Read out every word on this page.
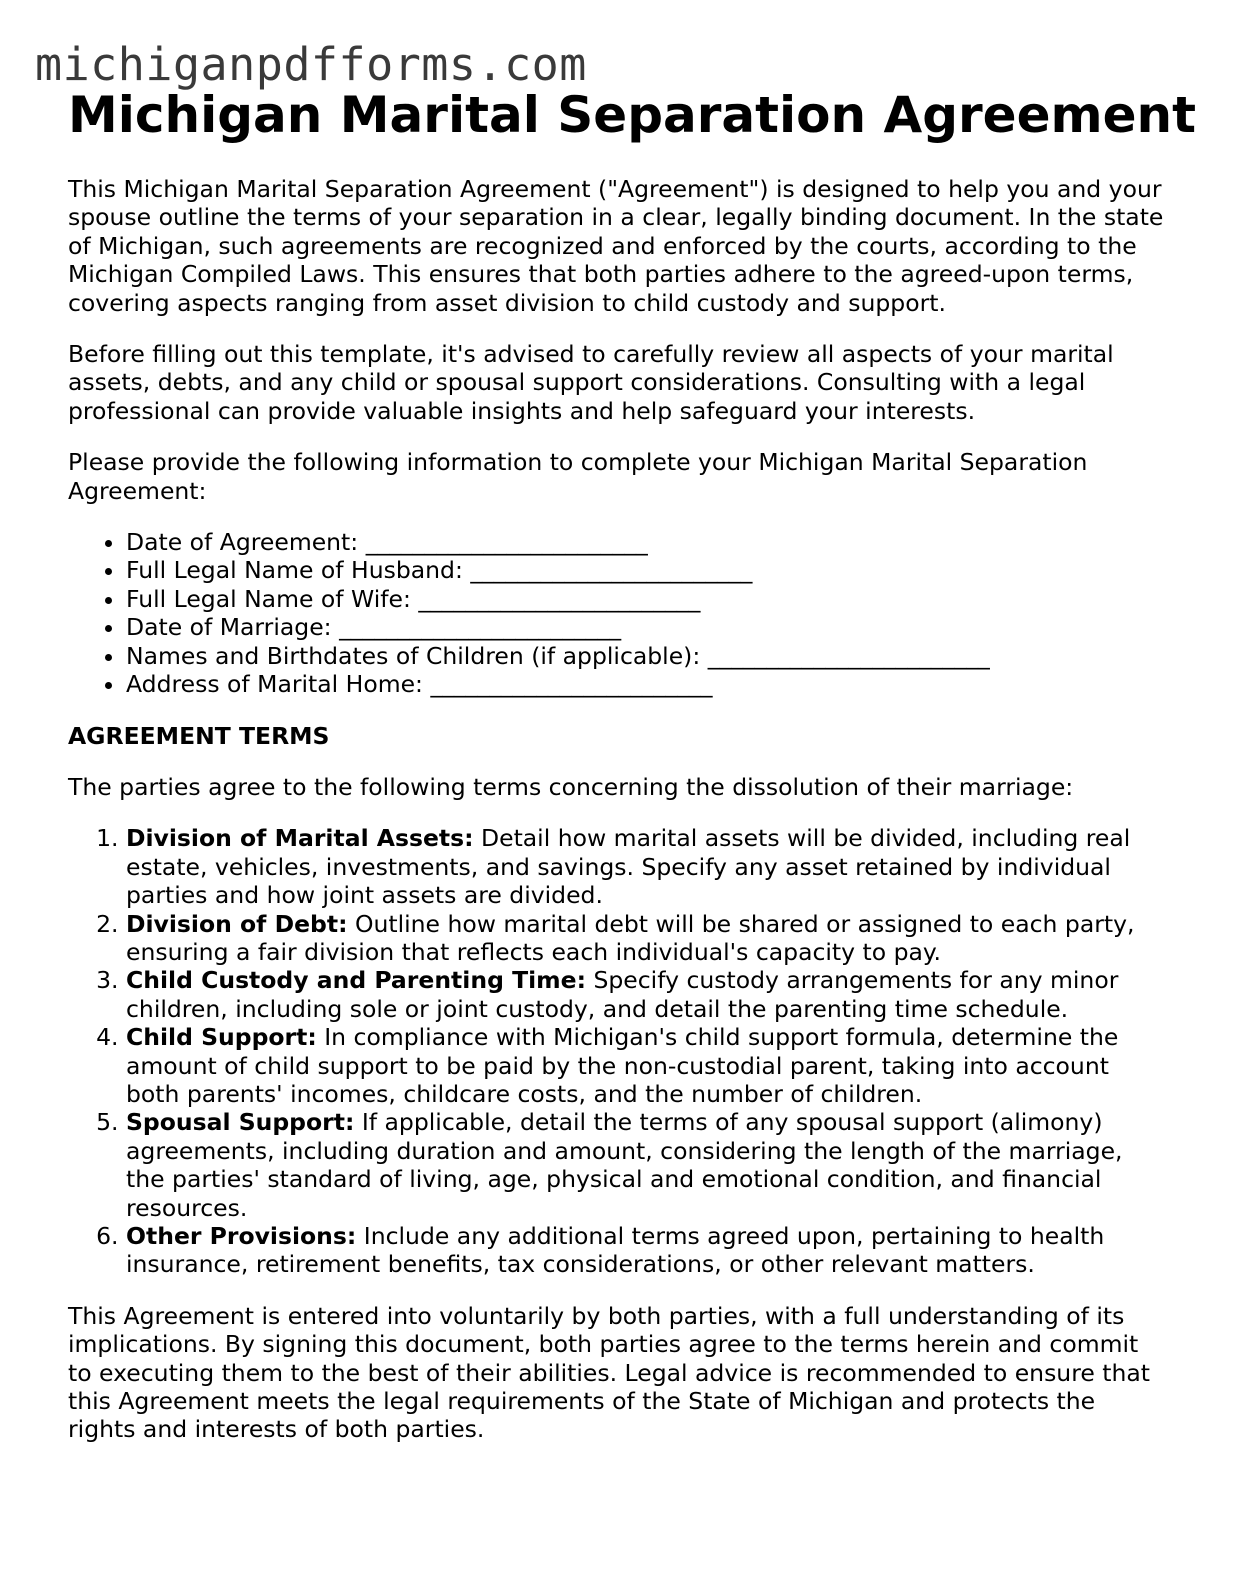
michiganpdfforms.com
Michigan Marital Separation Agreement

This Michigan Marital Separation Agreement ("Agreement") is designed to help you and your spouse outline the terms of your separation in a clear, legally binding document. In the state of Michigan, such agreements are recognized and enforced by the courts, according to the Michigan Compiled Laws. This ensures that both parties adhere to the agreed-upon terms, covering aspects ranging from asset division to child custody and support.

Before filling out this template, it's advised to carefully review all aspects of your marital assets, debts, and any child or spousal support considerations. Consulting with a legal professional can provide valuable insights and help safeguard your interests.

Please provide the following information to complete your Michigan Marital Separation Agreement:

• Date of Agreement: ________________________
• Full Legal Name of Husband: ________________________
• Full Legal Name of Wife: ________________________
• Date of Marriage: ________________________
• Names and Birthdates of Children (if applicable): ________________________
• Address of Marital Home: ________________________

AGREEMENT TERMS

The parties agree to the following terms concerning the dissolution of their marriage:

1. Division of Marital Assets: Detail how marital assets will be divided, including real estate, vehicles, investments, and savings. Specify any asset retained by individual parties and how joint assets are divided.
2. Division of Debt: Outline how marital debt will be shared or assigned to each party, ensuring a fair division that reflects each individual's capacity to pay.
3. Child Custody and Parenting Time: Specify custody arrangements for any minor children, including sole or joint custody, and detail the parenting time schedule.
4. Child Support: In compliance with Michigan's child support formula, determine the amount of child support to be paid by the non-custodial parent, taking into account both parents' incomes, childcare costs, and the number of children.
5. Spousal Support: If applicable, detail the terms of any spousal support (alimony) agreements, including duration and amount, considering the length of the marriage, the parties' standard of living, age, physical and emotional condition, and financial resources.
6. Other Provisions: Include any additional terms agreed upon, pertaining to health insurance, retirement benefits, tax considerations, or other relevant matters.

This Agreement is entered into voluntarily by both parties, with a full understanding of its implications. By signing this document, both parties agree to the terms herein and commit to executing them to the best of their abilities. Legal advice is recommended to ensure that this Agreement meets the legal requirements of the State of Michigan and protects the rights and interests of both parties.
